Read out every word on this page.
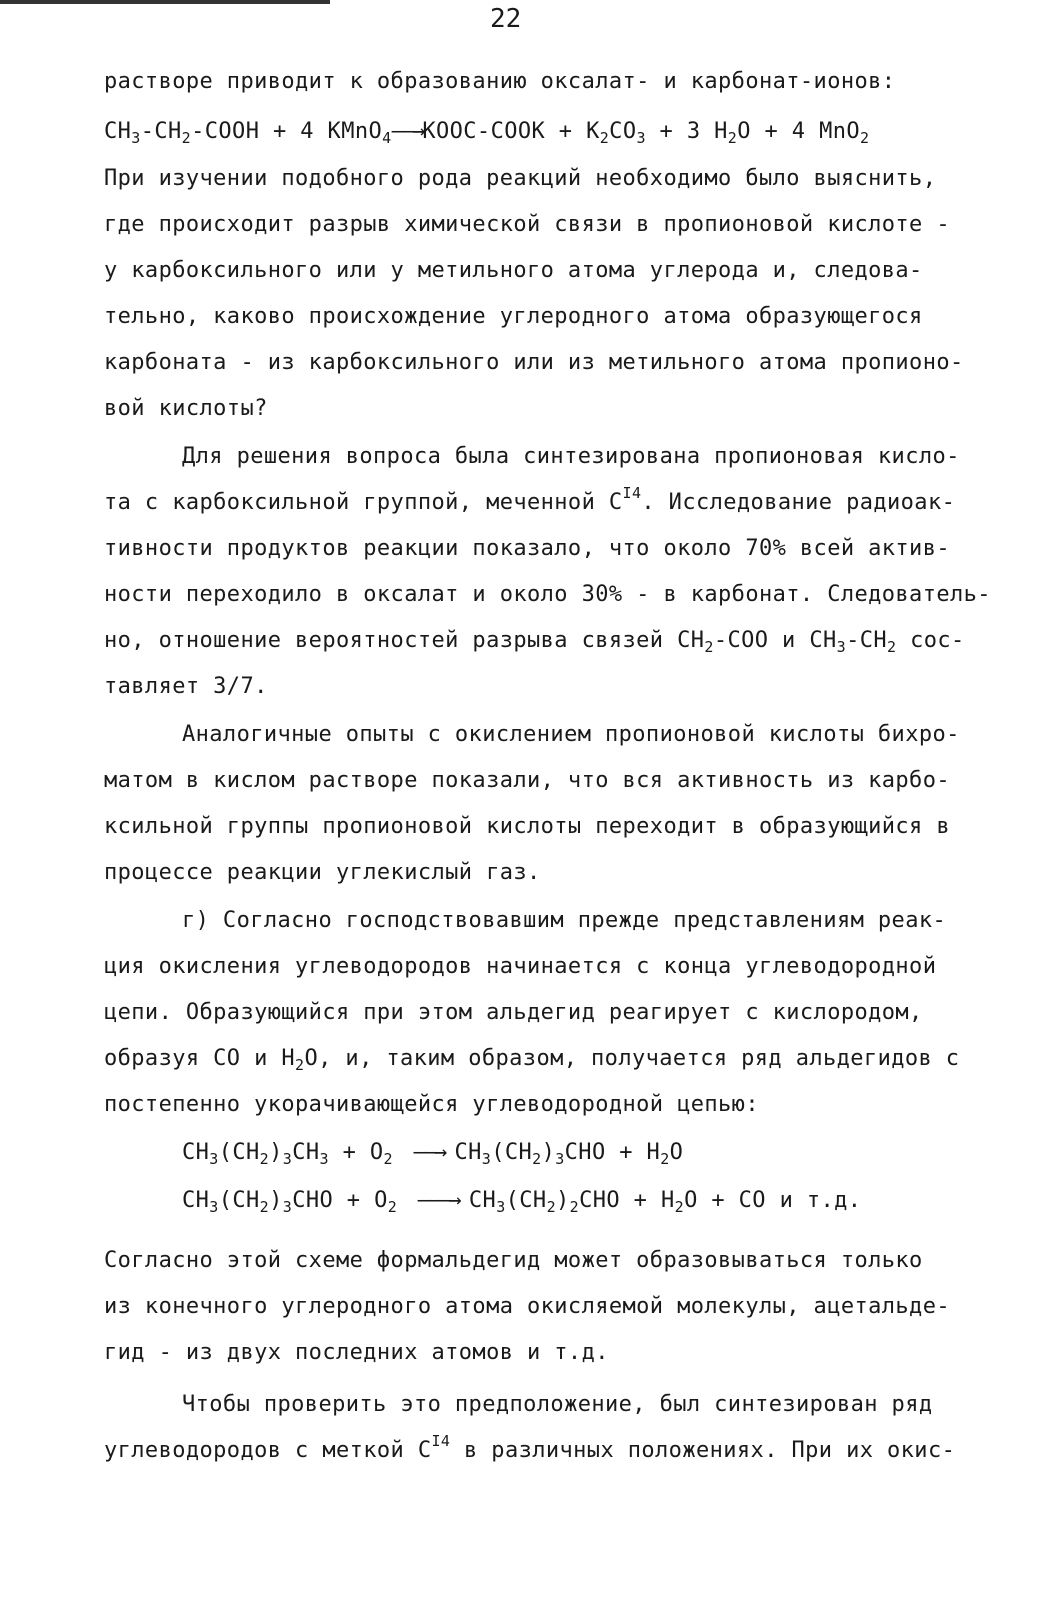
22
растворе приводит к образованию оксалат- и карбонат-ионов:
$CH_3-CH_2$-COOH + 4 KMnO$_4$——→KOOC-COOK + $K_2CO_3 + 3$ $H_2O + 4$ MnO$_2$
При изучении подобного рода реакций необходимо было выяснить,
где происходит разрыв химической связи в пропионовой кислоте -
у карбоксильного или у метильного атома углерода и, следова-
тельно, каково происхождение углеродного атома образующегося
карбоната - из карбоксильного или из метильного атома пропионо-
вой кислоты?
Для решения вопроса была синтезирована пропионовая кисло-
та с карбоксильной группой, меченной $C^{I4}$. Исследование радиоак-
тивности продуктов реакции показало, что около 70% всей актив-
ности переходило в оксалат и около 30% - в карбонат. Следователь-
но, отношение вероятностей разрыва связей $CH_2$-COO и $CH_3-CH_2$ сос-
тавляет 3/7.
Аналогичные опыты с окислением пропионовой кислоты бихро-
матом в кислом растворе показали, что вся активность из карбо-
ксильной группы пропионовой кислоты переходит в образующийся в
процессе реакции углекислый газ.
г) Согласно господствовавшим прежде представлениям реак-
ция окисления углеводородов начинается с конца углеводородной
цепи. Образующийся при этом альдегид реагирует с кислородом,
образуя CO и $H_2O$, и, таким образом, получается ряд альдегидов с
постепенно укорачивающейся углеводородной цепью:
$CH_3(CH_2)_3CH_3 + O_2$  ——→ $CH_3(CH_2)_3CHO + H_2O$
$CH_3(CH_2)_3CHO + O_2$  ———→ $CH_3(CH_2)_2CHO + H_2O$ + CO и т.д.
Согласно этой схеме формальдегид может образовываться только
из конечного углеродного атома окисляемой молекулы, ацетальде-
гид - из двух последних атомов и т.д.
Чтобы проверить это предположение, был синтезирован ряд
углеводородов с меткой $C^{I4}$ в различных положениях. При их окис-
